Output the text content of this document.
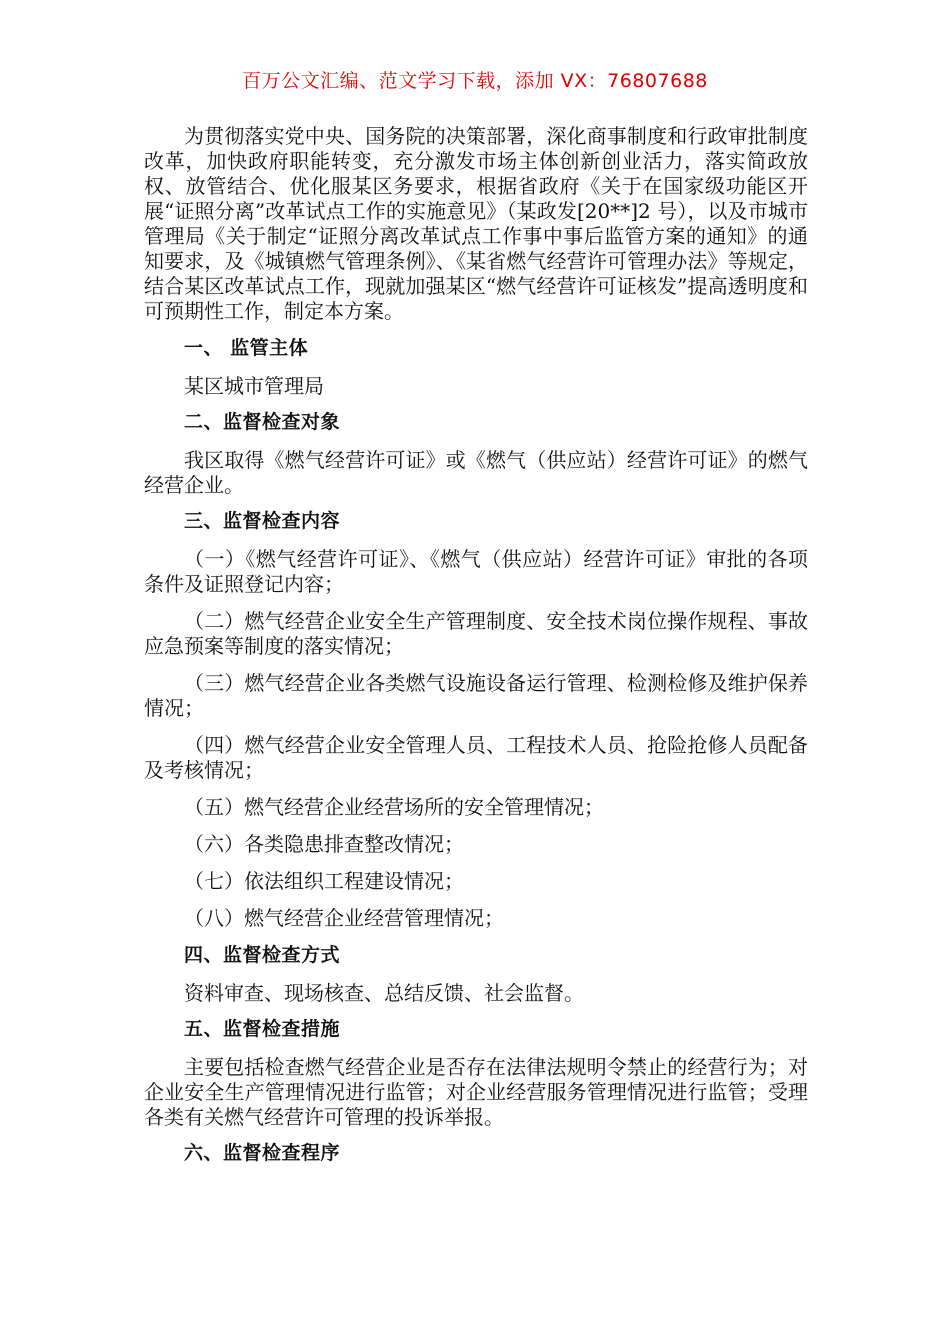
百万公文汇编、范文学习下载，添加 VX：76807688

为贯彻落实党中央、国务院的决策部署，深化商事制度和行政审批制度改革，加快政府职能转变，充分激发市场主体创新创业活力，落实简政放权、放管结合、优化服某区务要求，根据省政府《关于在国家级功能区开展“证照分离”改革试点工作的实施意见》（某政发[20**]2 号），以及市城市管理局《关于制定“证照分离改革试点工作事中事后监管方案的通知》的通知要求，及《城镇燃气管理条例》、《某省燃气经营许可管理办法》等规定，结合某区改革试点工作，现就加强某区“燃气经营许可证核发”提高透明度和可预期性工作，制定本方案。

一、 监管主体

某区城市管理局

二、监督检查对象

我区取得《燃气经营许可证》或《燃气（供应站）经营许可证》的燃气经营企业。

三、监督检查内容

（一）《燃气经营许可证》、《燃气（供应站）经营许可证》审批的各项条件及证照登记内容；

（二）燃气经营企业安全生产管理制度、安全技术岗位操作规程、事故应急预案等制度的落实情况；

（三）燃气经营企业各类燃气设施设备运行管理、检测检修及维护保养情况；

（四）燃气经营企业安全管理人员、工程技术人员、抢险抢修人员配备及考核情况；

（五）燃气经营企业经营场所的安全管理情况；

（六）各类隐患排查整改情况；

（七）依法组织工程建设情况；

（八）燃气经营企业经营管理情况；

四、监督检查方式

资料审查、现场核查、总结反馈、社会监督。

五、监督检查措施

主要包括检查燃气经营企业是否存在法律法规明令禁止的经营行为；对企业安全生产管理情况进行监管；对企业经营服务管理情况进行监管；受理各类有关燃气经营许可管理的投诉举报。

六、监督检查程序
